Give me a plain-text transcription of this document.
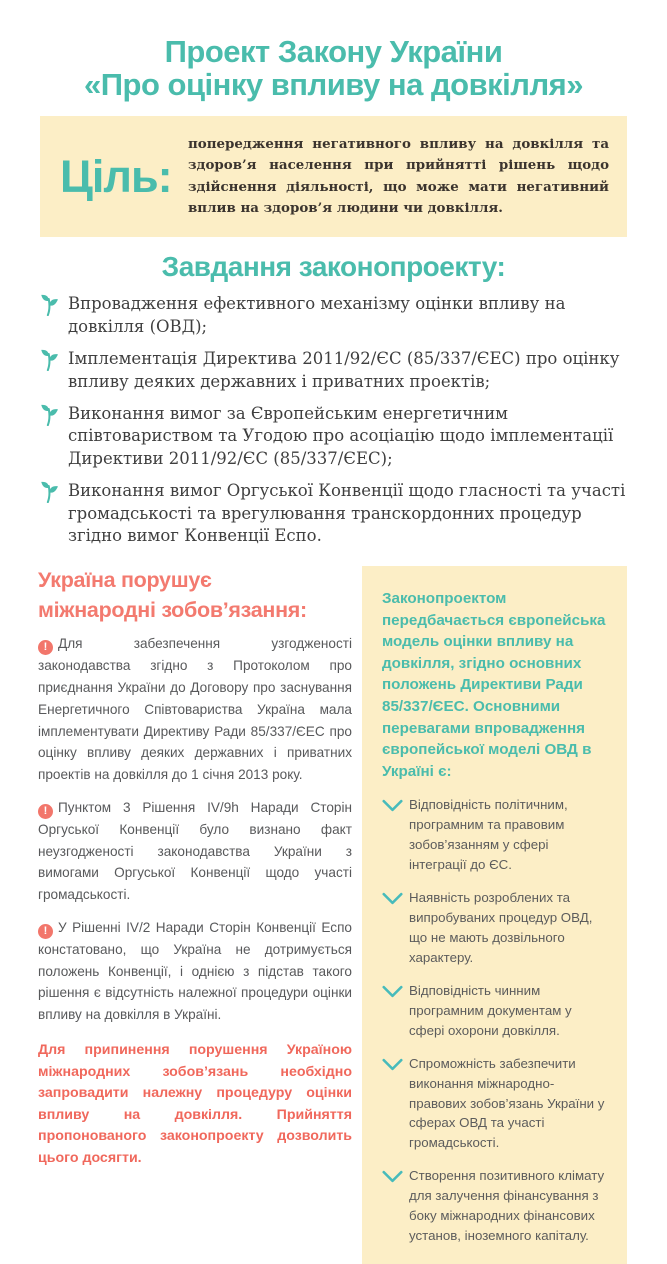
Проект Закону України
«Про оцінку впливу на довкілля»
Ціль:
попередження негативного впливу на довкілля та здоров’я населення при прийнятті рішень щодо здійснення діяльності, що може мати негативний вплив на здоров’я людини чи довкілля.
Завдання законопроекту:
Впровадження ефективного механізму оцінки впливу на довкілля (ОВД);
Імплементація Директива 2011/92/ЄС (85/337/ЄЕС) про оцінку впливу деяких державних і приватних проектів;
Виконання вимог за Європейським енергетичним співтовариством та Угодою про асоціацію щодо імплементації Директиви 2011/92/ЄС (85/337/ЄЕС);
Виконання вимог Оргуської Конвенції щодо гласності та участі громадськості та врегулювання транскордонних процедур згідно вимог Конвенції Еспо.
Україна порушує
міжнародні зобов’язання:

! Для забезпечення узгодженості законодавства згідно з Протоколом про приєднання України до Договору про заснування Енергетичного Співтовариства Україна мала імплементувати Директиву Ради 85/337/ЄЕС про оцінку впливу деяких державних і приватних проектів на довкілля до 1 січня 2013 року.

! Пунктом 3 Рішення IV/9h Наради Сторін Оргуської Конвенції було визнано факт неузгодженості законодавства України з вимогами Оргуської Конвенції щодо участі громадськості.

! У Рішенні IV/2 Наради Сторін Конвенції Еспо констатовано, що Україна не дотримується положень Конвенції, і однією з підстав такого рішення є відсутність належної процедури оцінки впливу на довкілля в Україні.

Для припинення порушення Україною міжнародних зобов’язань необхідно запровадити належну процедуру оцінки впливу на довкілля. Прийняття пропонованого законопроекту дозволить цього досягти.

Законопроектом передбачається європейська модель оцінки впливу на довкілля, згідно основних положень Директиви Ради 85/337/ЄЕС. Основними перевагами впровадження європейської моделі ОВД в Україні є:
Відповідність політичним, програмним та правовим зобов’язанням у сфері інтеграції до ЄС.
Наявність розроблених та випробуваних процедур ОВД, що не мають дозвільного характеру.
Відповідність чинним програмним документам у сфері охорони довкілля.
Спроможність забезпечити виконання міжнародно-правових зобов’язань України у сферах ОВД та участі громадськості.
Створення позитивного клімату для залучення фінансування з боку міжнародних фінансових установ, іноземного капіталу.
